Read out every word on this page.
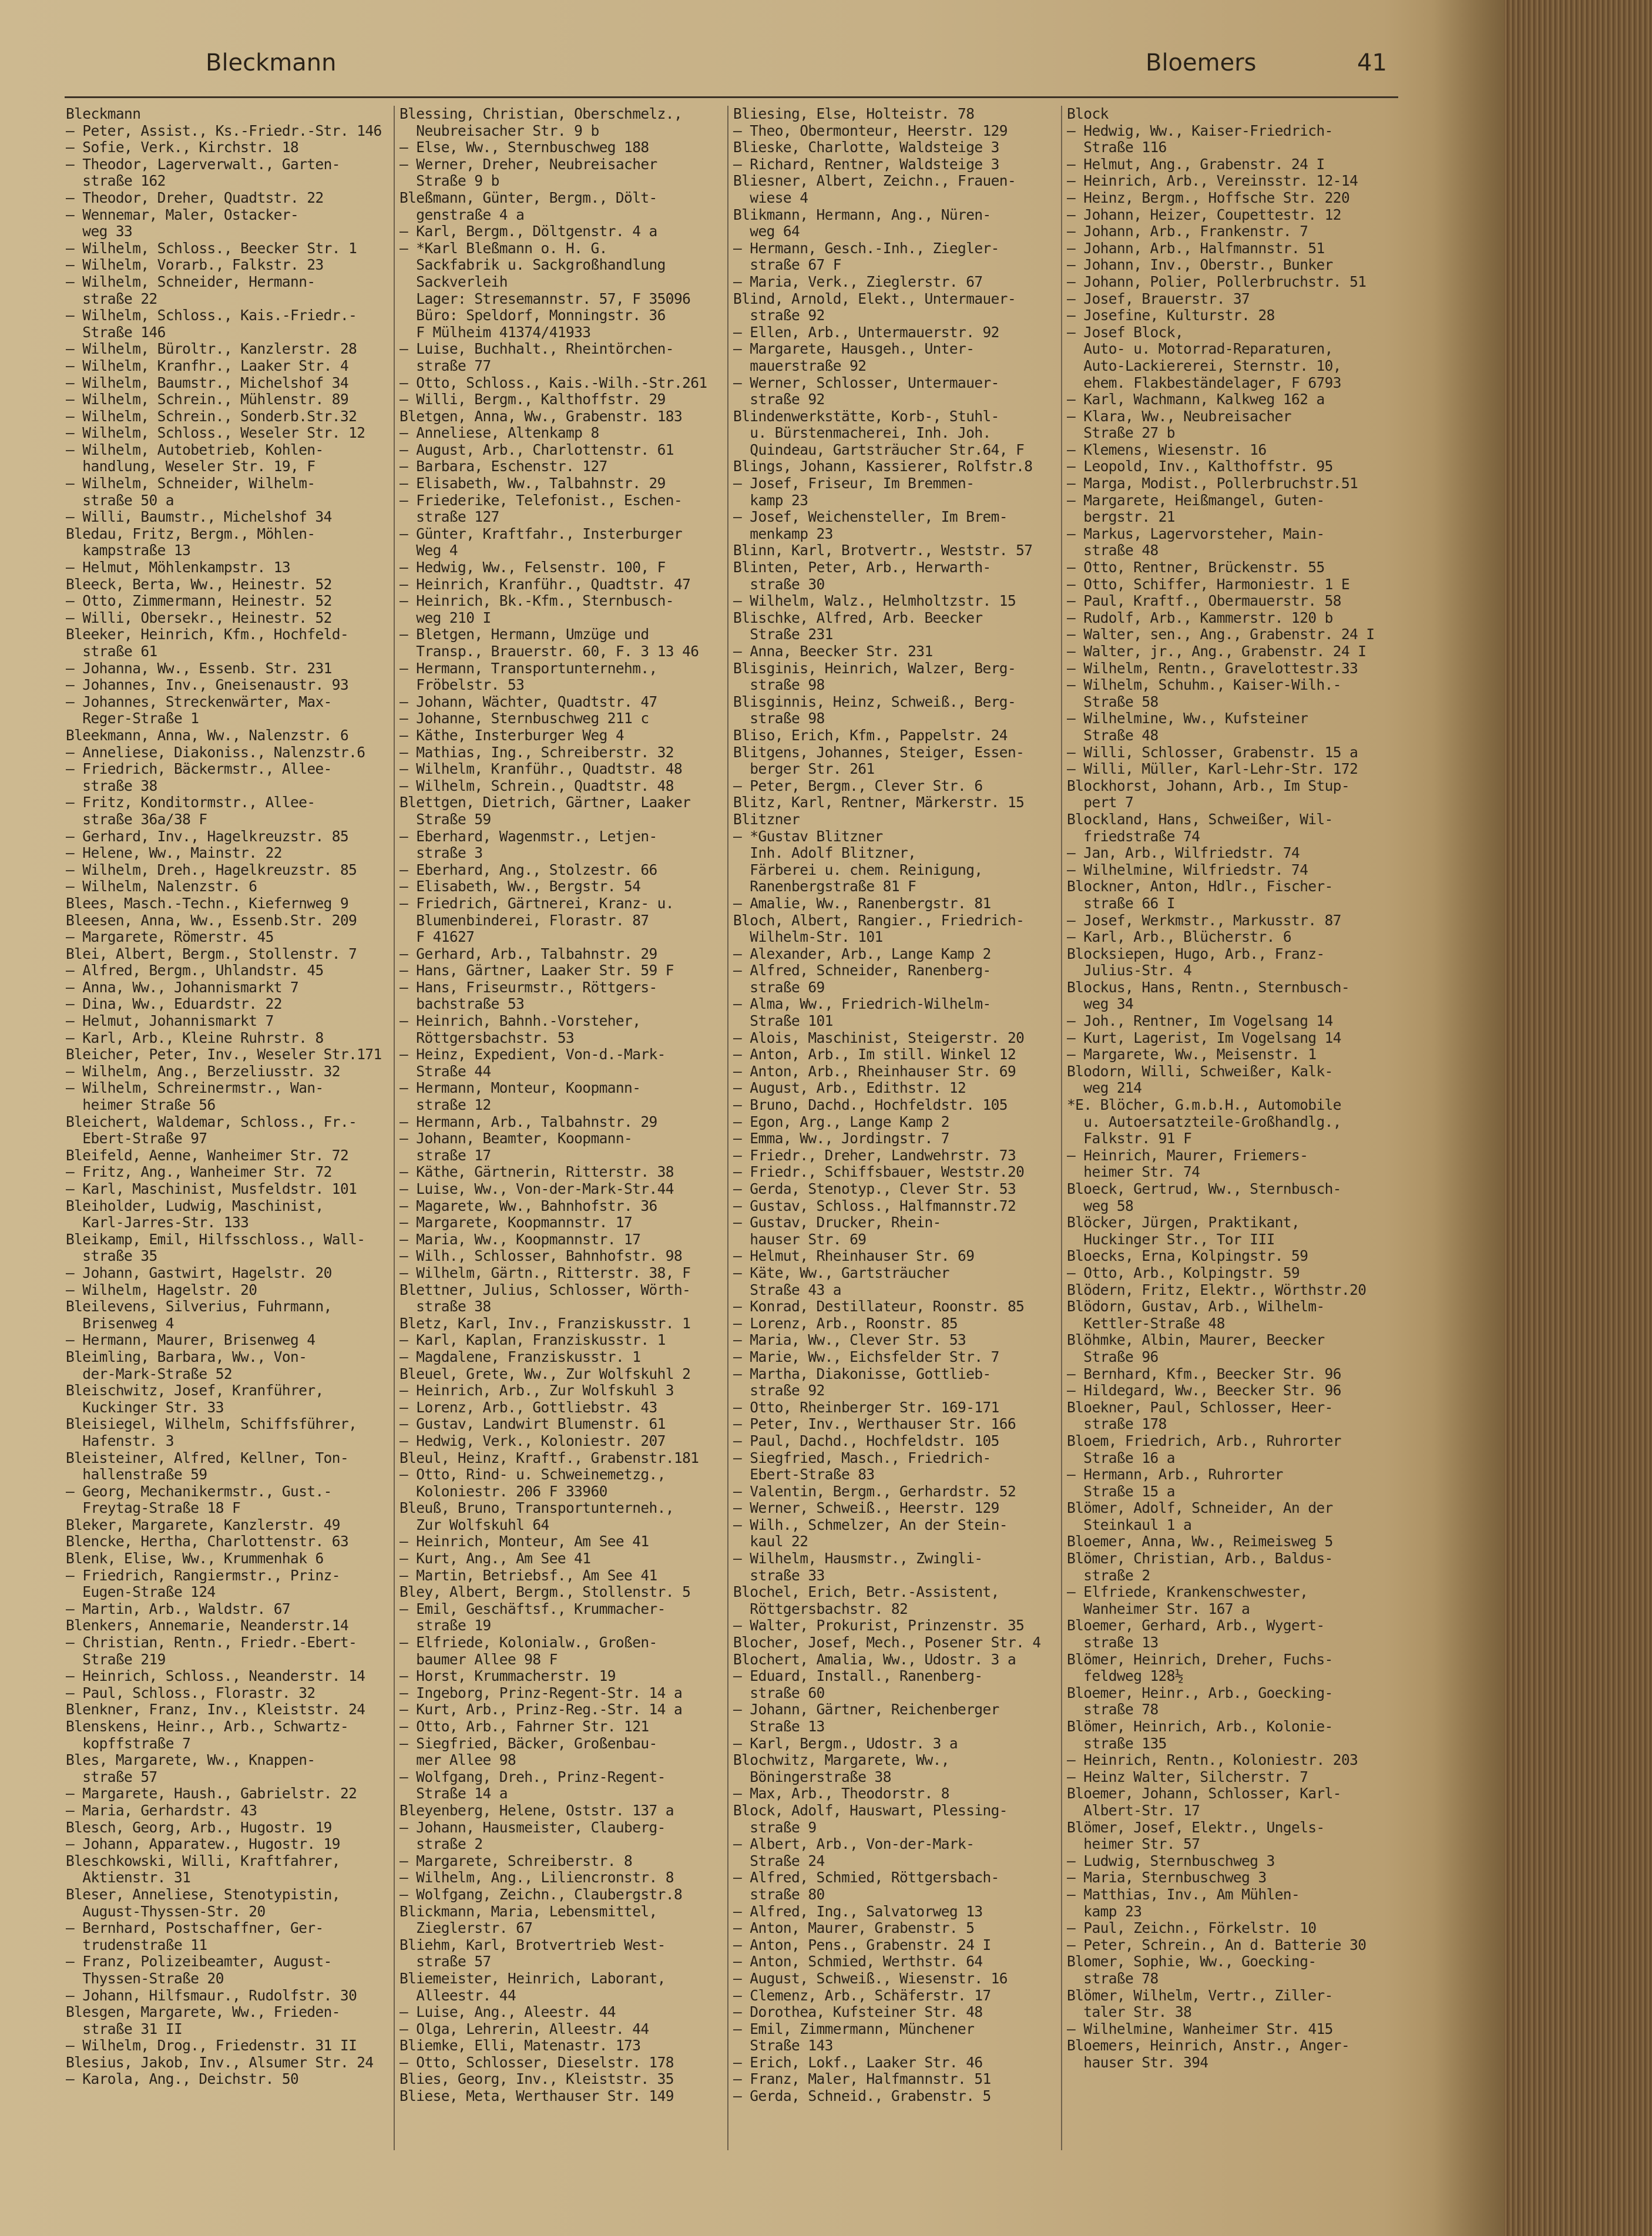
Bleckmann	Bloemers	41
Bleckmann
— Peter, Assist., Ks.-Friedr.-Str. 146
— Sofie, Verk., Kirchstr. 18
— Theodor, Lagerverwalt., Garten-
straße 162
— Theodor, Dreher, Quadtstr. 22
— Wennemar, Maler, Ostacker-
weg 33
— Wilhelm, Schloss., Beecker Str. 1
— Wilhelm, Vorarb., Falkstr. 23
— Wilhelm, Schneider, Hermann-
straße 22
— Wilhelm, Schloss., Kais.-Friedr.-
Straße 146
— Wilhelm, Büroltr., Kanzlerstr. 28
— Wilhelm, Kranfhr., Laaker Str. 4
— Wilhelm, Baumstr., Michelshof 34
— Wilhelm, Schrein., Mühlenstr. 89
— Wilhelm, Schrein., Sonderb.Str.32
— Wilhelm, Schloss., Weseler Str. 12
— Wilhelm, Autobetrieb, Kohlen-
handlung, Weseler Str. 19, F
— Wilhelm, Schneider, Wilhelm-
straße 50 a
— Willi, Baumstr., Michelshof 34
Bledau, Fritz, Bergm., Möhlen-
kampstraße 13
— Helmut, Möhlenkampstr. 13
Bleeck, Berta, Ww., Heinestr. 52
— Otto, Zimmermann, Heinestr. 52
— Willi, Obersekr., Heinestr. 52
Bleeker, Heinrich, Kfm., Hochfeld-
straße 61
— Johanna, Ww., Essenb. Str. 231
— Johannes, Inv., Gneisenaustr. 93
— Johannes, Streckenwärter, Max-
Reger-Straße 1
Bleekmann, Anna, Ww., Nalenzstr. 6
— Anneliese, Diakoniss., Nalenzstr.6
— Friedrich, Bäckermstr., Allee-
straße 38
— Fritz, Konditormstr., Allee-
straße 36a/38 F
— Gerhard, Inv., Hagelkreuzstr. 85
— Helene, Ww., Mainstr. 22
— Wilhelm, Dreh., Hagelkreuzstr. 85
— Wilhelm, Nalenzstr. 6
Blees, Masch.-Techn., Kiefernweg 9
Bleesen, Anna, Ww., Essenb.Str. 209
— Margarete, Römerstr. 45
Blei, Albert, Bergm., Stollenstr. 7
— Alfred, Bergm., Uhlandstr. 45
— Anna, Ww., Johannismarkt 7
— Dina, Ww., Eduardstr. 22
— Helmut, Johannismarkt 7
— Karl, Arb., Kleine Ruhrstr. 8
Bleicher, Peter, Inv., Weseler Str.171
— Wilhelm, Ang., Berzeliusstr. 32
— Wilhelm, Schreinermstr., Wan-
heimer Straße 56
Bleichert, Waldemar, Schloss., Fr.-
Ebert-Straße 97
Bleifeld, Aenne, Wanheimer Str. 72
— Fritz, Ang., Wanheimer Str. 72
— Karl, Maschinist, Musfeldstr. 101
Bleiholder, Ludwig, Maschinist,
Karl-Jarres-Str. 133
Bleikamp, Emil, Hilfsschloss., Wall-
straße 35
— Johann, Gastwirt, Hagelstr. 20
— Wilhelm, Hagelstr. 20
Bleilevens, Silverius, Fuhrmann,
Brisenweg 4
— Hermann, Maurer, Brisenweg 4
Bleimling, Barbara, Ww., Von-
der-Mark-Straße 52
Bleischwitz, Josef, Kranführer,
Kuckinger Str. 33
Bleisiegel, Wilhelm, Schiffsführer,
Hafenstr. 3
Bleisteiner, Alfred, Kellner, Ton-
hallenstraße 59
— Georg, Mechanikermstr., Gust.-
Freytag-Straße 18 F
Bleker, Margarete, Kanzlerstr. 49
Blencke, Hertha, Charlottenstr. 63
Blenk, Elise, Ww., Krummenhak 6
— Friedrich, Rangiermstr., Prinz-
Eugen-Straße 124
— Martin, Arb., Waldstr. 67
Blenkers, Annemarie, Neanderstr.14
— Christian, Rentn., Friedr.-Ebert-
Straße 219
— Heinrich, Schloss., Neanderstr. 14
— Paul, Schloss., Florastr. 32
Blenkner, Franz, Inv., Kleiststr. 24
Blenskens, Heinr., Arb., Schwartz-
kopffstraße 7
Bles, Margarete, Ww., Knappen-
straße 57
— Margarete, Haush., Gabrielstr. 22
— Maria, Gerhardstr. 43
Blesch, Georg, Arb., Hugostr. 19
— Johann, Apparatew., Hugostr. 19
Bleschkowski, Willi, Kraftfahrer,
Aktienstr. 31
Bleser, Anneliese, Stenotypistin,
August-Thyssen-Str. 20
— Bernhard, Postschaffner, Ger-
trudenstraße 11
— Franz, Polizeibeamter, August-
Thyssen-Straße 20
— Johann, Hilfsmaur., Rudolfstr. 30
Blesgen, Margarete, Ww., Frieden-
straße 31 II
— Wilhelm, Drog., Friedenstr. 31 II
Blesius, Jakob, Inv., Alsumer Str. 24
— Karola, Ang., Deichstr. 50
Blessing, Christian, Oberschmelz.,
Neubreisacher Str. 9 b
— Else, Ww., Sternbuschweg 188
— Werner, Dreher, Neubreisacher
Straße 9 b
Bleßmann, Günter, Bergm., Dölt-
genstraße 4 a
— Karl, Bergm., Döltgenstr. 4 a
— *Karl Bleßmann o. H. G.
Sackfabrik u. Sackgroßhandlung
Sackverleih
Lager: Stresemannstr. 57, F 35096
Büro: Speldorf, Monningstr. 36
F Mülheim 41374/41933
— Luise, Buchhalt., Rheintörchen-
straße 77
— Otto, Schloss., Kais.-Wilh.-Str.261
— Willi, Bergm., Kalthoffstr. 29
Bletgen, Anna, Ww., Grabenstr. 183
— Anneliese, Altenkamp 8
— August, Arb., Charlottenstr. 61
— Barbara, Eschenstr. 127
— Elisabeth, Ww., Talbahnstr. 29
— Friederike, Telefonist., Eschen-
straße 127
— Günter, Kraftfahr., Insterburger
Weg 4
— Hedwig, Ww., Felsenstr. 100, F
— Heinrich, Kranführ., Quadtstr. 47
— Heinrich, Bk.-Kfm., Sternbusch-
weg 210 I
— Bletgen, Hermann, Umzüge und
Transp., Brauerstr. 60, F. 3 13 46
— Hermann, Transportunternehm.,
Fröbelstr. 53
— Johann, Wächter, Quadtstr. 47
— Johanne, Sternbuschweg 211 c
— Käthe, Insterburger Weg 4
— Mathias, Ing., Schreiberstr. 32
— Wilhelm, Kranführ., Quadtstr. 48
— Wilhelm, Schrein., Quadtstr. 48
Blettgen, Dietrich, Gärtner, Laaker
Straße 59
— Eberhard, Wagenmstr., Letjen-
straße 3
— Eberhard, Ang., Stolzestr. 66
— Elisabeth, Ww., Bergstr. 54
— Friedrich, Gärtnerei, Kranz- u.
Blumenbinderei, Florastr. 87
F 41627
— Gerhard, Arb., Talbahnstr. 29
— Hans, Gärtner, Laaker Str. 59 F
— Hans, Friseurmstr., Röttgers-
bachstraße 53
— Heinrich, Bahnh.-Vorsteher,
Röttgersbachstr. 53
— Heinz, Expedient, Von-d.-Mark-
Straße 44
— Hermann, Monteur, Koopmann-
straße 12
— Hermann, Arb., Talbahnstr. 29
— Johann, Beamter, Koopmann-
straße 17
— Käthe, Gärtnerin, Ritterstr. 38
— Luise, Ww., Von-der-Mark-Str.44
— Magarete, Ww., Bahnhofstr. 36
— Margarete, Koopmannstr. 17
— Maria, Ww., Koopmannstr. 17
— Wilh., Schlosser, Bahnhofstr. 98
— Wilhelm, Gärtn., Ritterstr. 38, F
Blettner, Julius, Schlosser, Wörth-
straße 38
Bletz, Karl, Inv., Franziskusstr. 1
— Karl, Kaplan, Franziskusstr. 1
— Magdalene, Franziskusstr. 1
Bleuel, Grete, Ww., Zur Wolfskuhl 2
— Heinrich, Arb., Zur Wolfskuhl 3
— Lorenz, Arb., Gottliebstr. 43
— Gustav, Landwirt Blumenstr. 61
— Hedwig, Verk., Koloniestr. 207
Bleul, Heinz, Kraftf., Grabenstr.181
— Otto, Rind- u. Schweinemetzg.,
Koloniestr. 206 F 33960
Bleuß, Bruno, Transportunterneh.,
Zur Wolfskuhl 64
— Heinrich, Monteur, Am See 41
— Kurt, Ang., Am See 41
— Martin, Betriebsf., Am See 41
Bley, Albert, Bergm., Stollenstr. 5
— Emil, Geschäftsf., Krummacher-
straße 19
— Elfriede, Kolonialw., Großen-
baumer Allee 98 F
— Horst, Krummacherstr. 19
— Ingeborg, Prinz-Regent-Str. 14 a
— Kurt, Arb., Prinz-Reg.-Str. 14 a
— Otto, Arb., Fahrner Str. 121
— Siegfried, Bäcker, Großenbau-
mer Allee 98
— Wolfgang, Dreh., Prinz-Regent-
Straße 14 a
Bleyenberg, Helene, Oststr. 137 a
— Johann, Hausmeister, Clauberg-
straße 2
— Margarete, Schreiberstr. 8
— Wilhelm, Ang., Liliencronstr. 8
— Wolfgang, Zeichn., Claubergstr.8
Blickmann, Maria, Lebensmittel,
Zieglerstr. 67
Bliehm, Karl, Brotvertrieb West-
straße 57
Bliemeister, Heinrich, Laborant,
Alleestr. 44
— Luise, Ang., Aleestr. 44
— Olga, Lehrerin, Alleestr. 44
Bliemke, Elli, Matenastr. 173
— Otto, Schlosser, Dieselstr. 178
Blies, Georg, Inv., Kleiststr. 35
Bliese, Meta, Werthauser Str. 149
Bliesing, Else, Holteistr. 78
— Theo, Obermonteur, Heerstr. 129
Blieske, Charlotte, Waldsteige 3
— Richard, Rentner, Waldsteige 3
Bliesner, Albert, Zeichn., Frauen-
wiese 4
Blikmann, Hermann, Ang., Nüren-
weg 64
— Hermann, Gesch.-Inh., Ziegler-
straße 67 F
— Maria, Verk., Zieglerstr. 67
Blind, Arnold, Elekt., Untermauer-
straße 92
— Ellen, Arb., Untermauerstr. 92
— Margarete, Hausgeh., Unter-
mauerstraße 92
— Werner, Schlosser, Untermauer-
straße 92
Blindenwerkstätte, Korb-, Stuhl-
u. Bürstenmacherei, Inh. Joh.
Quindeau, Gartsträucher Str.64, F
Blings, Johann, Kassierer, Rolfstr.8
— Josef, Friseur, Im Bremmen-
kamp 23
— Josef, Weichensteller, Im Brem-
menkamp 23
Blinn, Karl, Brotvertr., Weststr. 57
Blinten, Peter, Arb., Herwarth-
straße 30
— Wilhelm, Walz., Helmholtzstr. 15
Blischke, Alfred, Arb. Beecker
Straße 231
— Anna, Beecker Str. 231
Blisginis, Heinrich, Walzer, Berg-
straße 98
Blisginnis, Heinz, Schweiß., Berg-
straße 98
Bliso, Erich, Kfm., Pappelstr. 24
Blitgens, Johannes, Steiger, Essen-
berger Str. 261
— Peter, Bergm., Clever Str. 6
Blitz, Karl, Rentner, Märkerstr. 15
Blitzner
— *Gustav Blitzner
Inh. Adolf Blitzner,
Färberei u. chem. Reinigung,
Ranenbergstraße 81 F
— Amalie, Ww., Ranenbergstr. 81
Bloch, Albert, Rangier., Friedrich-
Wilhelm-Str. 101
— Alexander, Arb., Lange Kamp 2
— Alfred, Schneider, Ranenberg-
straße 69
— Alma, Ww., Friedrich-Wilhelm-
Straße 101
— Alois, Maschinist, Steigerstr. 20
— Anton, Arb., Im still. Winkel 12
— Anton, Arb., Rheinhauser Str. 69
— August, Arb., Edithstr. 12
— Bruno, Dachd., Hochfeldstr. 105
— Egon, Arg., Lange Kamp 2
— Emma, Ww., Jordingstr. 7
— Friedr., Dreher, Landwehrstr. 73
— Friedr., Schiffsbauer, Weststr.20
— Gerda, Stenotyp., Clever Str. 53
— Gustav, Schloss., Halfmannstr.72
— Gustav, Drucker, Rhein-
hauser Str. 69
— Helmut, Rheinhauser Str. 69
— Käte, Ww., Gartsträucher
Straße 43 a
— Konrad, Destillateur, Roonstr. 85
— Lorenz, Arb., Roonstr. 85
— Maria, Ww., Clever Str. 53
— Marie, Ww., Eichsfelder Str. 7
— Martha, Diakonisse, Gottlieb-
straße 92
— Otto, Rheinberger Str. 169-171
— Peter, Inv., Werthauser Str. 166
— Paul, Dachd., Hochfeldstr. 105
— Siegfried, Masch., Friedrich-
Ebert-Straße 83
— Valentin, Bergm., Gerhardstr. 52
— Werner, Schweiß., Heerstr. 129
— Wilh., Schmelzer, An der Stein-
kaul 22
— Wilhelm, Hausmstr., Zwingli-
straße 33
Blochel, Erich, Betr.-Assistent,
Röttgersbachstr. 82
— Walter, Prokurist, Prinzenstr. 35
Blocher, Josef, Mech., Posener Str. 4
Blochert, Amalia, Ww., Udostr. 3 a
— Eduard, Install., Ranenberg-
straße 60
— Johann, Gärtner, Reichenberger
Straße 13
— Karl, Bergm., Udostr. 3 a
Blochwitz, Margarete, Ww.,
Böningerstraße 38
— Max, Arb., Theodorstr. 8
Block, Adolf, Hauswart, Plessing-
straße 9
— Albert, Arb., Von-der-Mark-
Straße 24
— Alfred, Schmied, Röttgersbach-
straße 80
— Alfred, Ing., Salvatorweg 13
— Anton, Maurer, Grabenstr. 5
— Anton, Pens., Grabenstr. 24 I
— Anton, Schmied, Werthstr. 64
— August, Schweiß., Wiesenstr. 16
— Clemenz, Arb., Schäferstr. 17
— Dorothea, Kufsteiner Str. 48
— Emil, Zimmermann, Münchener
Straße 143
— Erich, Lokf., Laaker Str. 46
— Franz, Maler, Halfmannstr. 51
— Gerda, Schneid., Grabenstr. 5
Block
— Hedwig, Ww., Kaiser-Friedrich-
Straße 116
— Helmut, Ang., Grabenstr. 24 I
— Heinrich, Arb., Vereinsstr. 12-14
— Heinz, Bergm., Hoffsche Str. 220
— Johann, Heizer, Coupettestr. 12
— Johann, Arb., Frankenstr. 7
— Johann, Arb., Halfmannstr. 51
— Johann, Inv., Oberstr., Bunker
— Johann, Polier, Pollerbruchstr. 51
— Josef, Brauerstr. 37
— Josefine, Kulturstr. 28
— Josef Block,
Auto- u. Motorrad-Reparaturen,
Auto-Lackiererei, Sternstr. 10,
ehem. Flakbeständelager, F 6793
— Karl, Wachmann, Kalkweg 162 a
— Klara, Ww., Neubreisacher
Straße 27 b
— Klemens, Wiesenstr. 16
— Leopold, Inv., Kalthoffstr. 95
— Marga, Modist., Pollerbruchstr.51
— Margarete, Heißmangel, Guten-
bergstr. 21
— Markus, Lagervorsteher, Main-
straße 48
— Otto, Rentner, Brückenstr. 55
— Otto, Schiffer, Harmoniestr. 1 E
— Paul, Kraftf., Obermauerstr. 58
— Rudolf, Arb., Kammerstr. 120 b
— Walter, sen., Ang., Grabenstr. 24 I
— Walter, jr., Ang., Grabenstr. 24 I
— Wilhelm, Rentn., Gravelottestr.33
— Wilhelm, Schuhm., Kaiser-Wilh.-
Straße 58
— Wilhelmine, Ww., Kufsteiner
Straße 48
— Willi, Schlosser, Grabenstr. 15 a
— Willi, Müller, Karl-Lehr-Str. 172
Blockhorst, Johann, Arb., Im Stup-
pert 7
Blockland, Hans, Schweißer, Wil-
friedstraße 74
— Jan, Arb., Wilfriedstr. 74
— Wilhelmine, Wilfriedstr. 74
Blockner, Anton, Hdlr., Fischer-
straße 66 I
— Josef, Werkmstr., Markusstr. 87
— Karl, Arb., Blücherstr. 6
Blocksiepen, Hugo, Arb., Franz-
Julius-Str. 4
Blockus, Hans, Rentn., Sternbusch-
weg 34
— Joh., Rentner, Im Vogelsang 14
— Kurt, Lagerist, Im Vogelsang 14
— Margarete, Ww., Meisenstr. 1
Blodorn, Willi, Schweißer, Kalk-
weg 214
*E. Blöcher, G.m.b.H., Automobile
u. Autoersatzteile-Großhandlg.,
Falkstr. 91 F
— Heinrich, Maurer, Friemers-
heimer Str. 74
Bloeck, Gertrud, Ww., Sternbusch-
weg 58
Blöcker, Jürgen, Praktikant,
Huckinger Str., Tor III
Bloecks, Erna, Kolpingstr. 59
— Otto, Arb., Kolpingstr. 59
Blödern, Fritz, Elektr., Wörthstr.20
Blödorn, Gustav, Arb., Wilhelm-
Kettler-Straße 48
Blöhmke, Albin, Maurer, Beecker
Straße 96
— Bernhard, Kfm., Beecker Str. 96
— Hildegard, Ww., Beecker Str. 96
Bloekner, Paul, Schlosser, Heer-
straße 178
Bloem, Friedrich, Arb., Ruhrorter
Straße 16 a
— Hermann, Arb., Ruhrorter
Straße 15 a
Blömer, Adolf, Schneider, An der
Steinkaul 1 a
Bloemer, Anna, Ww., Reimeisweg 5
Blömer, Christian, Arb., Baldus-
straße 2
— Elfriede, Krankenschwester,
Wanheimer Str. 167 a
Bloemer, Gerhard, Arb., Wygert-
straße 13
Blömer, Heinrich, Dreher, Fuchs-
feldweg 128½
Bloemer, Heinr., Arb., Goecking-
straße 78
Blömer, Heinrich, Arb., Kolonie-
straße 135
— Heinrich, Rentn., Koloniestr. 203
— Heinz Walter, Silcherstr. 7
Bloemer, Johann, Schlosser, Karl-
Albert-Str. 17
Blömer, Josef, Elektr., Ungels-
heimer Str. 57
— Ludwig, Sternbuschweg 3
— Maria, Sternbuschweg 3
— Matthias, Inv., Am Mühlen-
kamp 23
— Paul, Zeichn., Förkelstr. 10
— Peter, Schrein., An d. Batterie 30
Blomer, Sophie, Ww., Goecking-
straße 78
Blömer, Wilhelm, Vertr., Ziller-
taler Str. 38
— Wilhelmine, Wanheimer Str. 415
Bloemers, Heinrich, Anstr., Anger-
hauser Str. 394
